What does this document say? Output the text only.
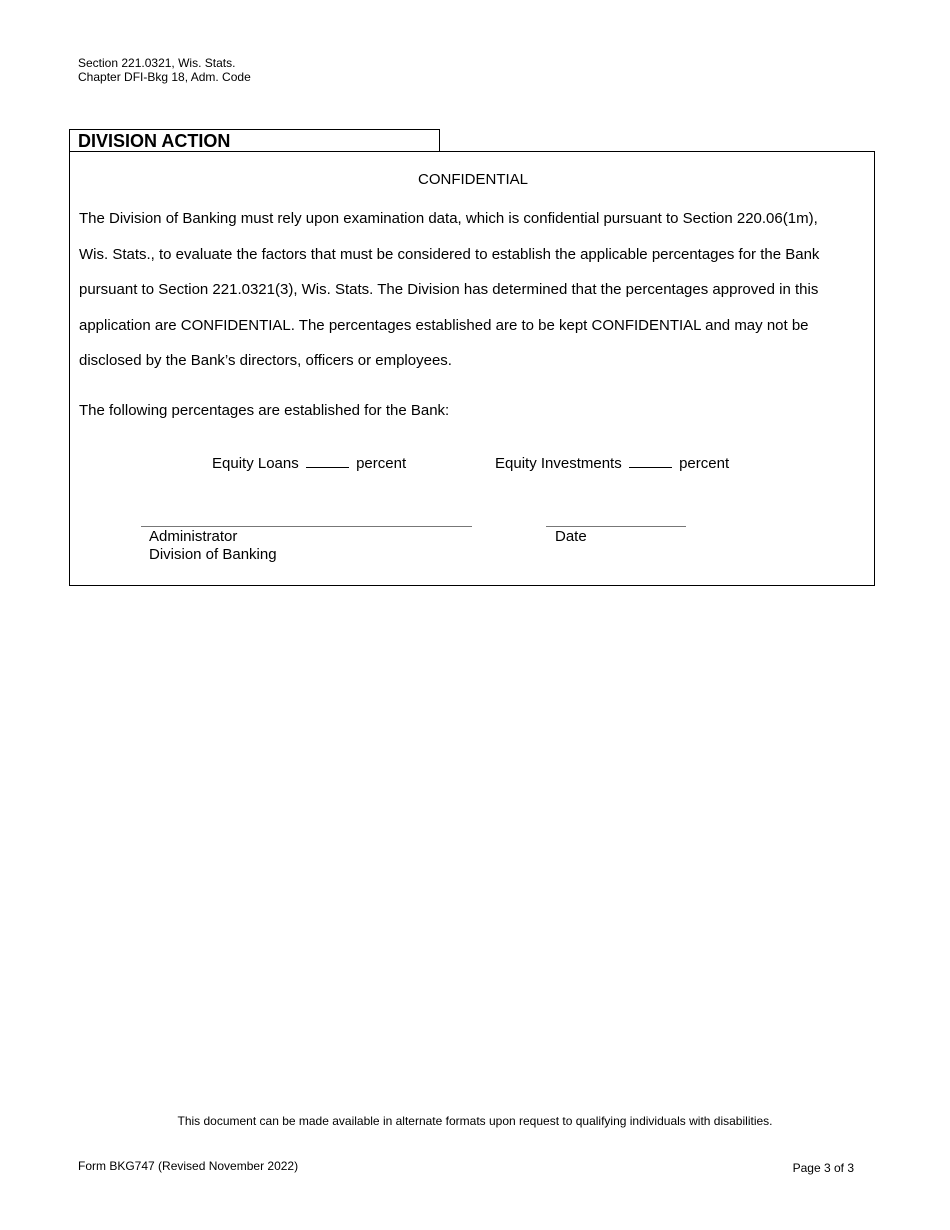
Section 221.0321, Wis. Stats.
Chapter DFI-Bkg 18, Adm. Code
DIVISION ACTION
CONFIDENTIAL

The Division of Banking must rely upon examination data, which is confidential pursuant to Section 220.06(1m),
Wis. Stats., to evaluate the factors that must be considered to establish the applicable percentages for the Bank
pursuant to Section 221.0321(3), Wis. Stats. The Division has determined that the percentages approved in this
application are CONFIDENTIAL. The percentages established are to be kept CONFIDENTIAL and may not be
disclosed by the Bank’s directors, officers or employees.

The following percentages are established for the Bank:
Equity Loans	percent	Equity Investments	percent
Administrator
Division of Banking
Date
This document can be made available in alternate formats upon request to qualifying individuals with disabilities.
Form BKG747 (Revised November 2022)	Page 3 of 3
